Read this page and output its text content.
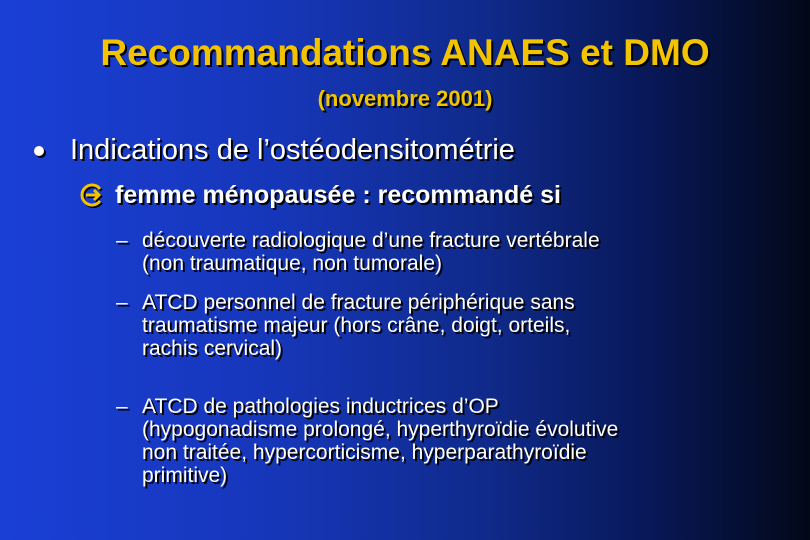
Recommandations ANAES et DMO
(novembre 2001)
Indications de l’ostéodensitométrie
femme ménopausée : recommandé si
– découverte radiologique d’une fracture vertébrale
(non traumatique, non tumorale)
– ATCD personnel de fracture périphérique sans
traumatisme majeur (hors crâne, doigt, orteils,
rachis cervical)
– ATCD de pathologies inductrices d’OP
(hypogonadisme prolongé, hyperthyroïdie évolutive
non traitée, hypercorticisme, hyperparathyroïdie
primitive)
